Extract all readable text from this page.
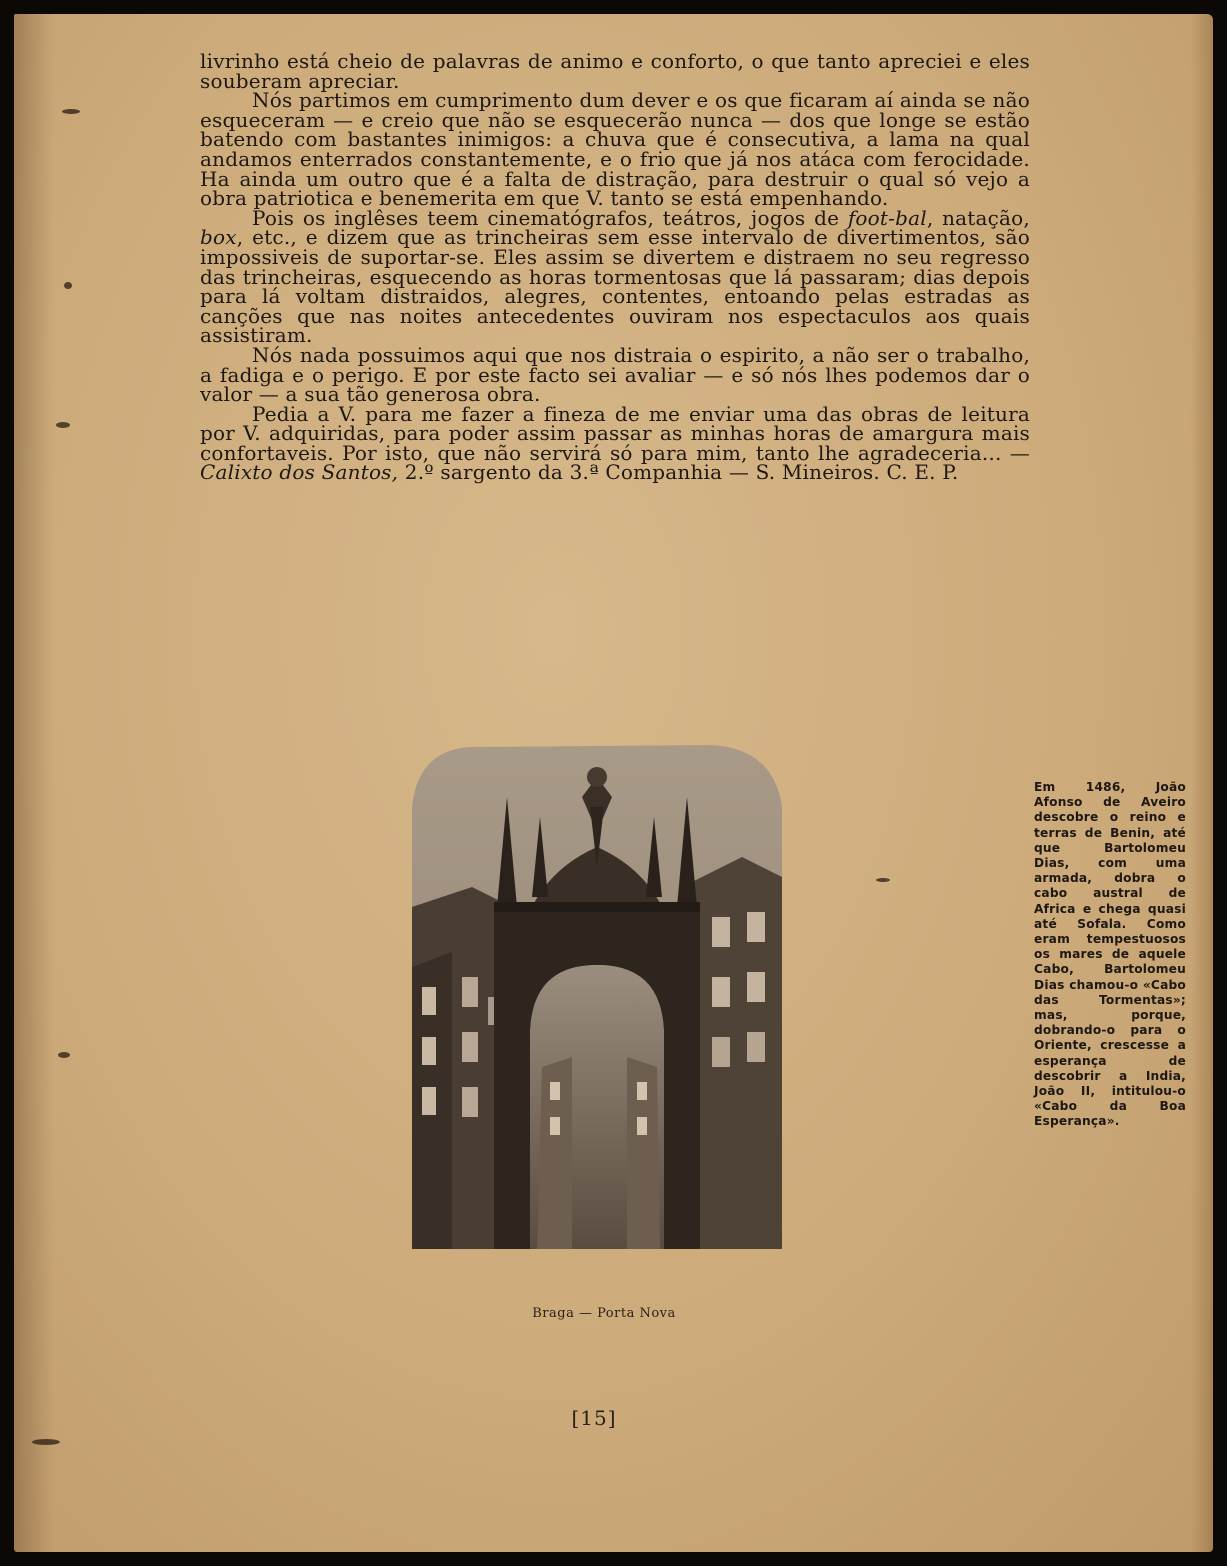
livrinho está cheio de palavras de animo e conforto, o que tanto apreciei e eles souberam apreciar.

Nós partimos em cumprimento dum dever e os que ficaram aí ainda se não esqueceram — e creio que não se esquecerão nunca — dos que longe se estão batendo com bastantes inimigos: a chuva que é consecutiva, a lama na qual andamos enterrados constantemente, e o frio que já nos atáca com ferocidade. Ha ainda um outro que é a falta de distração, para destruir o qual só vejo a obra patriotica e benemerita em que V. tanto se está empenhando.

Pois os inglêses teem cinematógrafos, teátros, jogos de foot-bal, natação, box, etc., e dizem que as trincheiras sem esse intervalo de divertimentos, são impossiveis de suportar-se. Eles assim se divertem e distraem no seu regresso das trincheiras, esquecendo as horas tormentosas que lá passaram; dias depois para lá voltam distraidos, alegres, contentes, entoando pelas estradas as canções que nas noites antecedentes ouviram nos espectaculos aos quais assistiram.

Nós nada possuimos aqui que nos distraia o espirito, a não ser o trabalho, a fadiga e o perigo. E por este facto sei avaliar — e só nós lhes podemos dar o valor — a sua tão generosa obra.

Pedia a V. para me fazer a fineza de me enviar uma das obras de leitura por V. adquiridas, para poder assim passar as minhas horas de amargura mais confortaveis. Por isto, que não servirá só para mim, tanto lhe agradeceria... — Calixto dos Santos, 2.º sargento da 3.ª Companhia — S. Mineiros. C. E. P.

Braga — Porta Nova
Em 1486, João Afonso de Aveiro descobre o reino e terras de Benin, até que Bartolomeu Dias, com uma armada, dobra o cabo austral de Africa e chega quasi até Sofala. Como eram tempestuosos os mares de aquele Cabo, Bartolomeu Dias chamou-o «Cabo das Tormentas»; mas, porque, dobrando-o para o Oriente, crescesse a esperança de descobrir a India, João II, intitulou-o «Cabo da Boa Esperança».
[15]
